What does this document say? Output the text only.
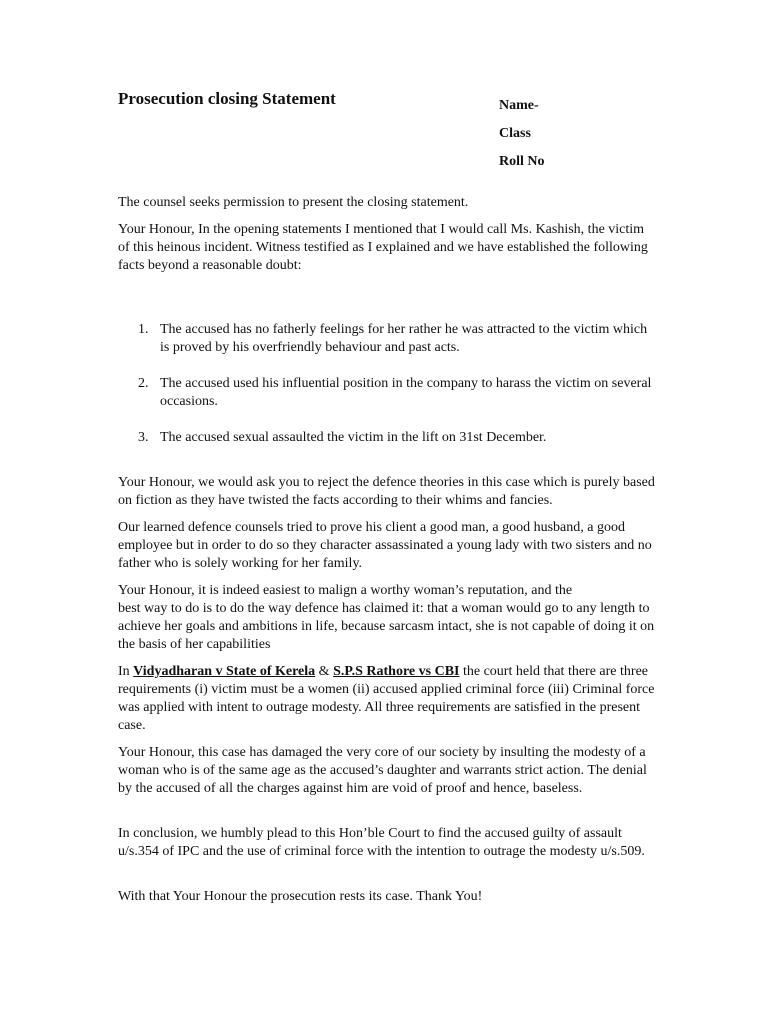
Prosecution closing Statement	Name-
Class
Roll No

The counsel seeks permission to present the closing statement.

Your Honour, In the opening statements I mentioned that I would call Ms. Kashish, the victim of this heinous incident. Witness testified as I explained and we have established the following facts beyond a reasonable doubt:

1. The accused has no fatherly feelings for her rather he was attracted to the victim which is proved by his overfriendly behaviour and past acts.
2. The accused used his influential position in the company to harass the victim on several occasions.
3. The accused sexual assaulted the victim in the lift on 31st December.

Your Honour, we would ask you to reject the defence theories in this case which is purely based on fiction as they have twisted the facts according to their whims and fancies.

Our learned defence counsels tried to prove his client a good man, a good husband, a good employee but in order to do so they character assassinated a young lady with two sisters and no father who is solely working for her family.

Your Honour, it is indeed easiest to malign a worthy woman’s reputation, and the
best way to do is to do the way defence has claimed it: that a woman would go to any length to achieve her goals and ambitions in life, because sarcasm intact, she is not capable of doing it on the basis of her capabilities

In Vidyadharan v State of Kerela & S.P.S Rathore vs CBI the court held that there are three requirements (i) victim must be a women (ii) accused applied criminal force (iii) Criminal force was applied with intent to outrage modesty. All three requirements are satisfied in the present case.

Your Honour, this case has damaged the very core of our society by insulting the modesty of a woman who is of the same age as the accused’s daughter and warrants strict action. The denial by the accused of all the charges against him are void of proof and hence, baseless.

In conclusion, we humbly plead to this Hon’ble Court to find the accused guilty of assault u/s.354 of IPC and the use of criminal force with the intention to outrage the modesty u/s.509.

With that Your Honour the prosecution rests its case. Thank You!
